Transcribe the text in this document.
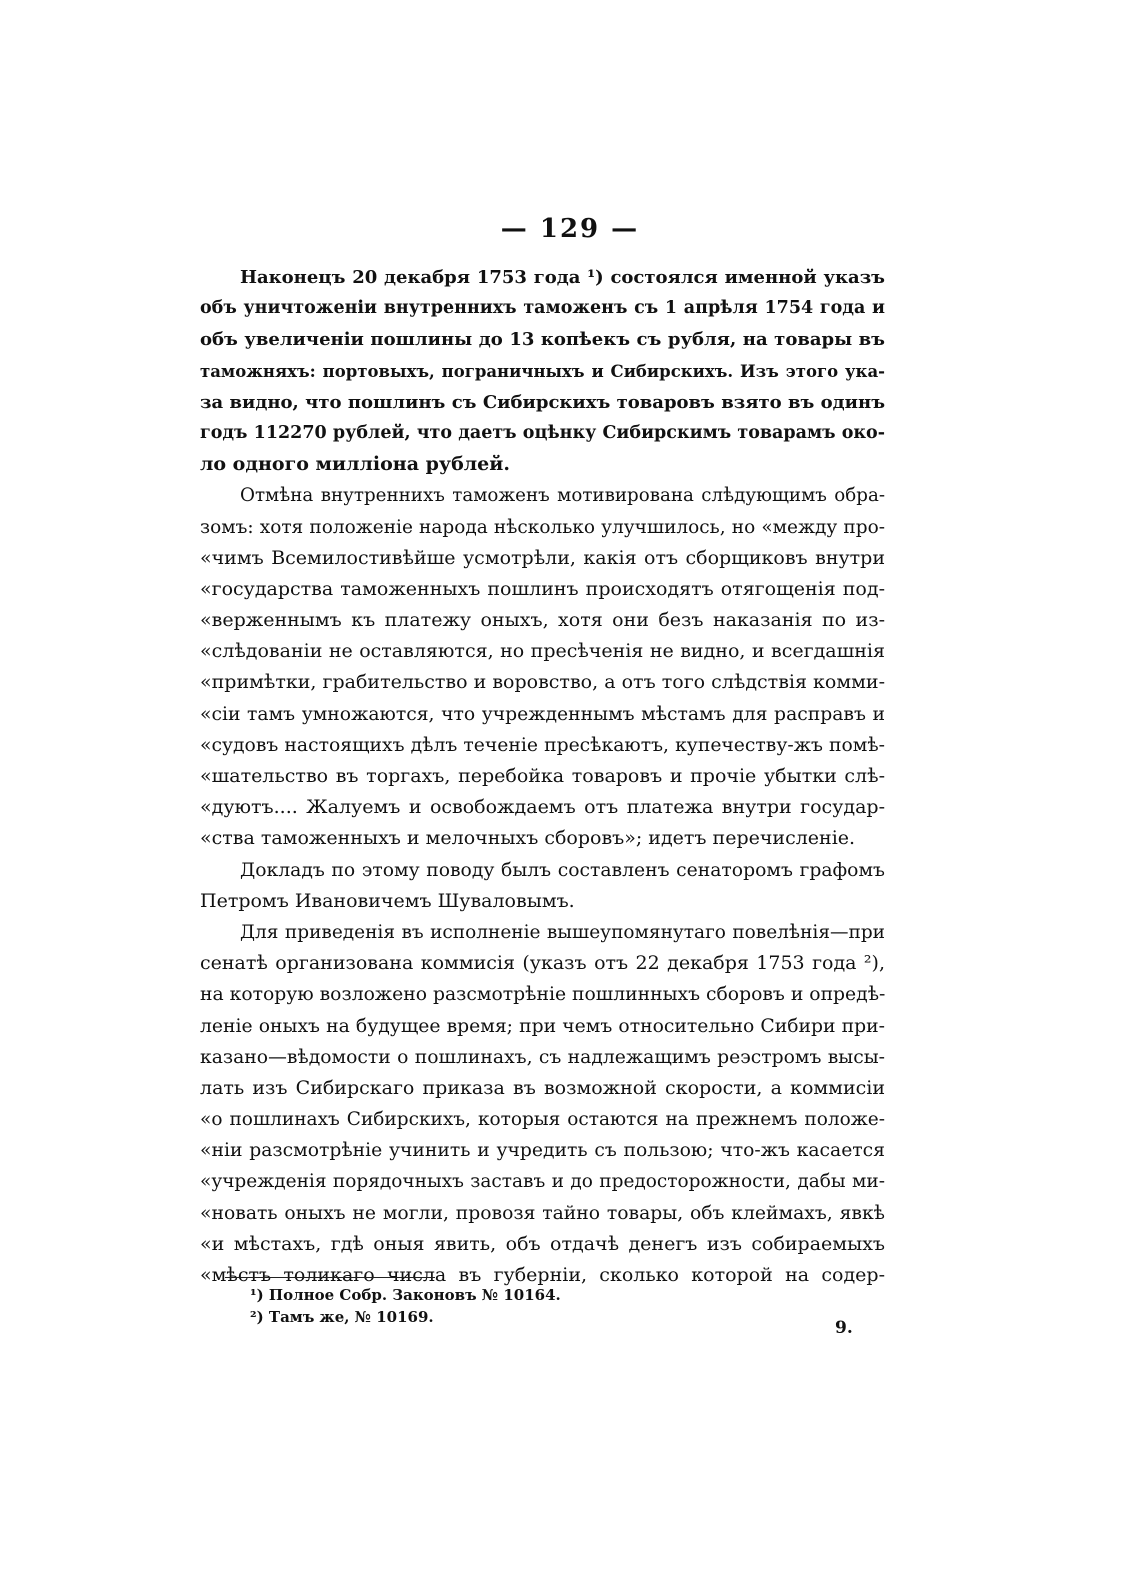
— 129 —
Наконецъ 20 декабря 1753 года ¹) состоялся именной указъ
объ уничтоженіи внутреннихъ таможенъ съ 1 апрѣля 1754 года и
объ увеличеніи пошлины до 13 копѣекъ съ рубля, на товары въ
таможняхъ: портовыхъ, пограничныхъ и Сибирскихъ. Изъ этого ука-
за видно, что пошлинъ съ Сибирскихъ товаровъ взято въ одинъ
годъ 112270 рублей, что даетъ оцѣнку Сибирскимъ товарамъ око-
ло одного милліона рублей.
Отмѣна внутреннихъ таможенъ мотивирована слѣдующимъ обра-
зомъ: хотя положеніе народа нѣсколько улучшилось, но «между про-
«чимъ Всемилостивѣйше усмотрѣли, какія отъ сборщиковъ внутри
«государства таможенныхъ пошлинъ происходятъ отягощенія под-
«верженнымъ къ платежу оныхъ, хотя они безъ наказанія по из-
«слѣдованіи не оставляются, но пресѣченія не видно, и всегдашнія
«примѣтки, грабительство и воровство, а отъ того слѣдствія комми-
«сіи тамъ умножаются, что учрежденнымъ мѣстамъ для расправъ и
«судовъ настоящихъ дѣлъ теченіе пресѣкаютъ, купечеству-жъ помѣ-
«шательство въ торгахъ, перебойка товаровъ и прочіе убытки слѣ-
«дуютъ.... Жалуемъ и освобождаемъ отъ платежа внутри государ-
«ства таможенныхъ и мелочныхъ сборовъ»; идетъ перечисленіе.
Докладъ по этому поводу былъ составленъ сенаторомъ графомъ
Петромъ Ивановичемъ Шуваловымъ.
Для приведенія въ исполненіе вышеупомянутаго повелѣнія—при
сенатѣ организована коммисія (указъ отъ 22 декабря 1753 года ²),
на которую возложено разсмотрѣніе пошлинныхъ сборовъ и опредѣ-
леніе оныхъ на будущее время; при чемъ относительно Сибири при-
казано—вѣдомости о пошлинахъ, съ надлежащимъ реэстромъ высы-
лать изъ Сибирскаго приказа въ возможной скорости, а коммисіи
«о пошлинахъ Сибирскихъ, которыя остаются на прежнемъ положе-
«ніи разсмотрѣніе учинить и учредить съ пользою; что-жъ касается
«учрежденія порядочныхъ заставъ и до предосторожности, дабы ми-
«новать оныхъ не могли, провозя тайно товары, объ клеймахъ, явкѣ
«и мѣстахъ, гдѣ оныя явить, объ отдачѣ денегъ изъ собираемыхъ
«мѣстъ толикаго числа въ губерніи, сколько которой на содер-
¹) Полное Собр. Законовъ № 10164.
²) Тамъ же, № 10169.
9.
